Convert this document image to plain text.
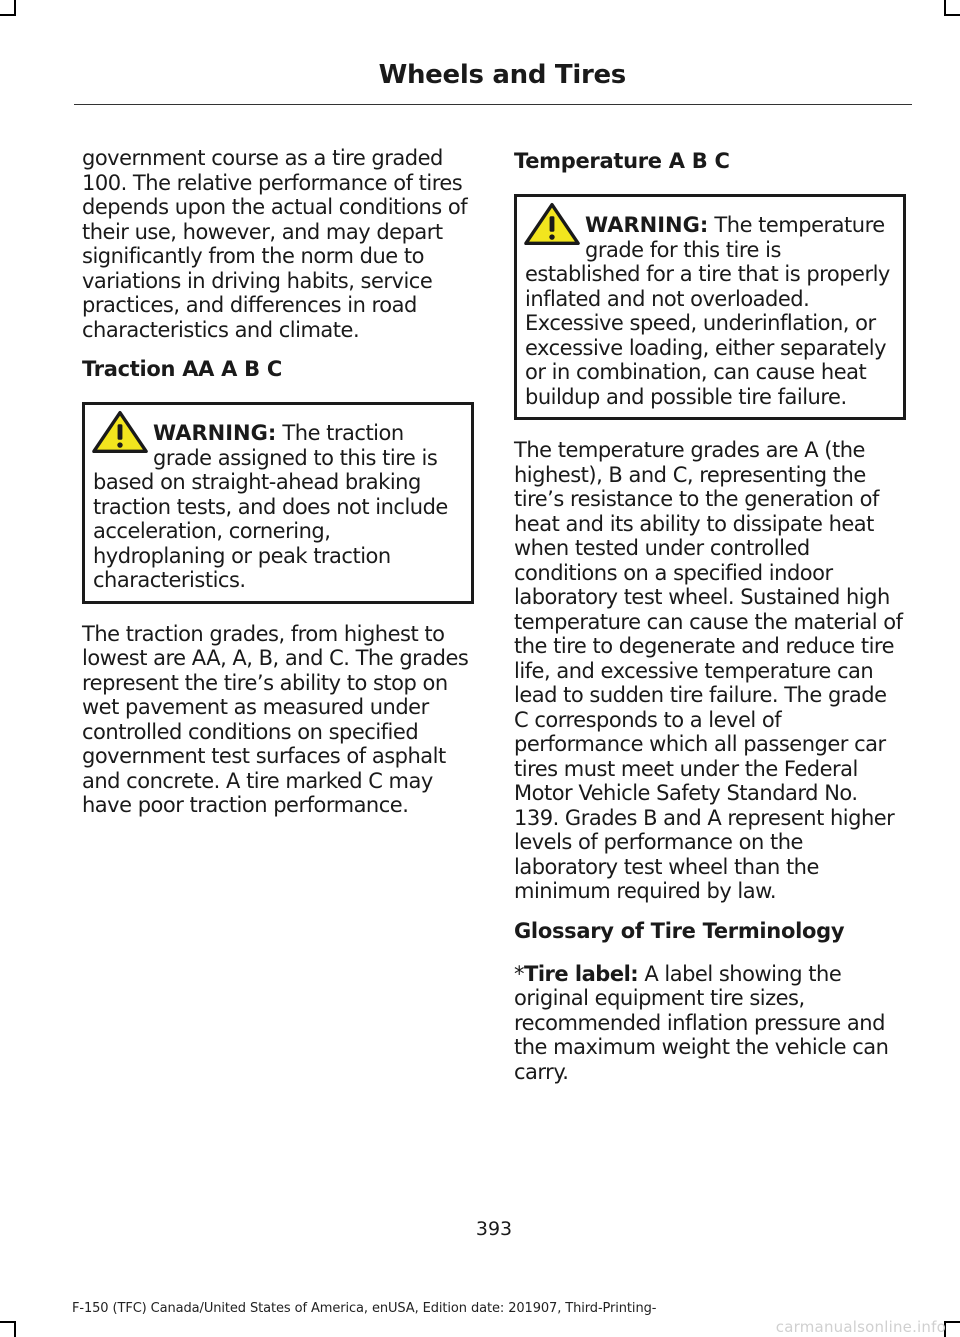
Wheels and Tires

government course as a tire graded 100. The relative performance of tires depends upon the actual conditions of their use, however, and may depart significantly from the norm due to variations in driving habits, service practices, and differences in road characteristics and climate.

Traction AA A B C
WARNING: The traction grade assigned to this tire is based on straight-ahead braking traction tests, and does not include acceleration, cornering, hydroplaning or peak traction characteristics.

The traction grades, from highest to lowest are AA, A, B, and C. The grades represent the tire’s ability to stop on wet pavement as measured under controlled conditions on specified government test surfaces of asphalt and concrete. A tire marked C may have poor traction performance.

Temperature A B C
WARNING: The temperature grade for this tire is established for a tire that is properly inflated and not overloaded. Excessive speed, underinflation, or excessive loading, either separately or in combination, can cause heat buildup and possible tire failure.

The temperature grades are A (the highest), B and C, representing the tire’s resistance to the generation of heat and its ability to dissipate heat when tested under controlled conditions on a specified indoor laboratory test wheel. Sustained high temperature can cause the material of the tire to degenerate and reduce tire life, and excessive temperature can lead to sudden tire failure. The grade C corresponds to a level of performance which all passenger car tires must meet under the Federal Motor Vehicle Safety Standard No. 139. Grades B and A represent higher levels of performance on the laboratory test wheel than the minimum required by law.

Glossary of Tire Terminology

*Tire label: A label showing the original equipment tire sizes, recommended inflation pressure and the maximum weight the vehicle can carry.

393
F-150 (TFC) Canada/United States of America, enUSA, Edition date: 201907, Third-Printing-
carmanualsonline.info
